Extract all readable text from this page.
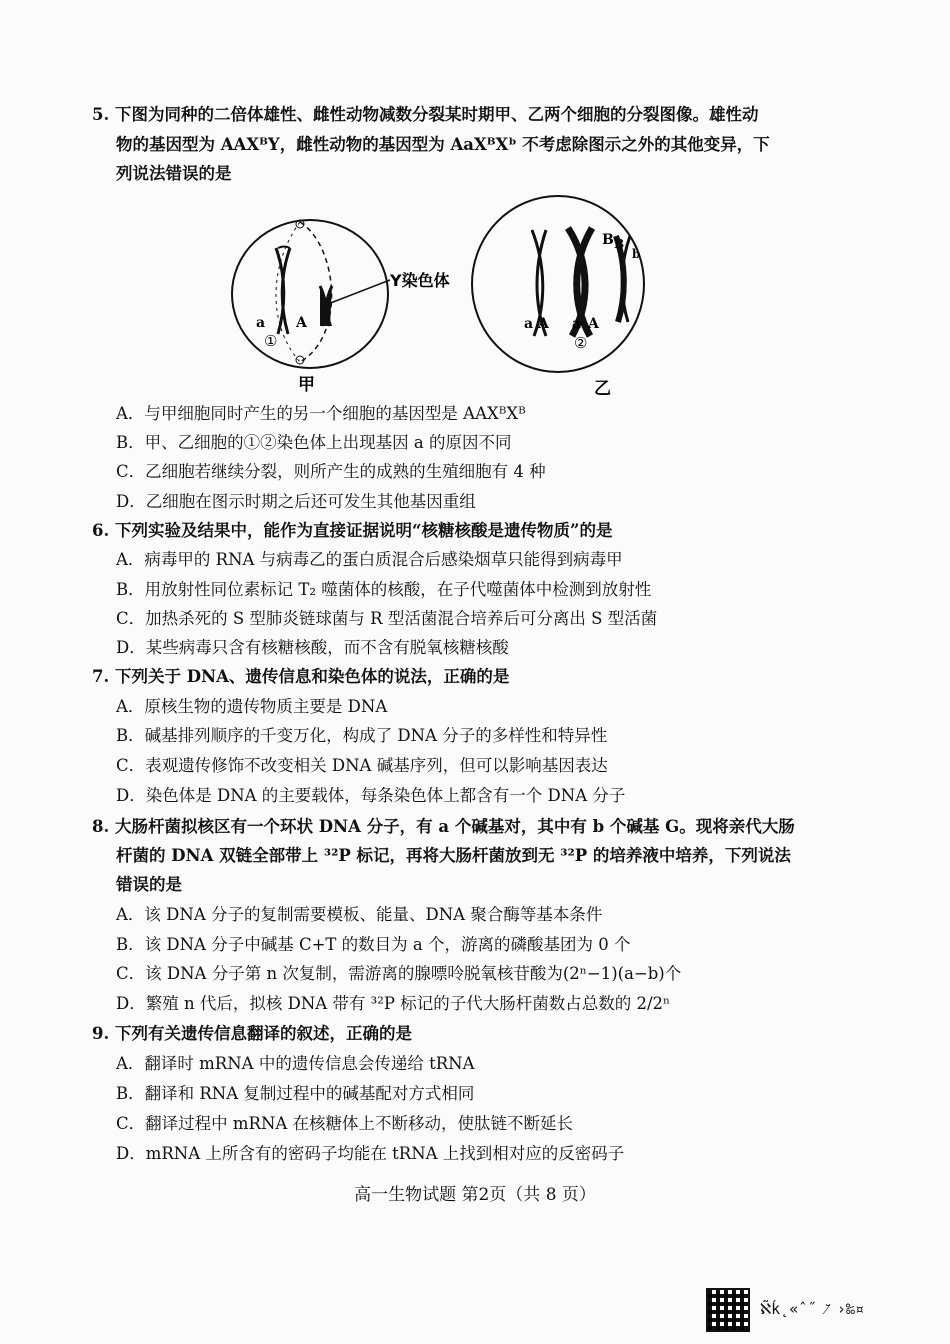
5. 下图为同种的二倍体雄性、雌性动物减数分裂某时期甲、乙两个细胞的分裂图像。雄性动
物的基因型为 AAXᴮY，雌性动物的基因型为 AaXᴮXᵇ 不考虑除图示之外的其他变异，下
列说法错误的是
Y染色体
a A
①
甲
a A a A
B B
b
②
乙
A．与甲细胞同时产生的另一个细胞的基因型是 AAXᴮXᴮ
B．甲、乙细胞的①②染色体上出现基因 a 的原因不同
C．乙细胞若继续分裂，则所产生的成熟的生殖细胞有 4 种
D．乙细胞在图示时期之后还可发生其他基因重组
6. 下列实验及结果中，能作为直接证据说明“核糖核酸是遗传物质”的是
A．病毒甲的 RNA 与病毒乙的蛋白质混合后感染烟草只能得到病毒甲
B．用放射性同位素标记 T₂ 噬菌体的核酸，在子代噬菌体中检测到放射性
C．加热杀死的 S 型肺炎链球菌与 R 型活菌混合培养后可分离出 S 型活菌
D．某些病毒只含有核糖核酸，而不含有脱氧核糖核酸
7. 下列关于 DNA、遗传信息和染色体的说法，正确的是
A．原核生物的遗传物质主要是 DNA
B．碱基排列顺序的千变万化，构成了 DNA 分子的多样性和特异性
C．表观遗传修饰不改变相关 DNA 碱基序列，但可以影响基因表达
D．染色体是 DNA 的主要载体，每条染色体上都含有一个 DNA 分子
8. 大肠杆菌拟核区有一个环状 DNA 分子，有 a 个碱基对，其中有 b 个碱基 G。现将亲代大肠
杆菌的 DNA 双链全部带上 ³²P 标记，再将大肠杆菌放到无 ³²P 的培养液中培养，下列说法
错误的是
A．该 DNA 分子的复制需要模板、能量、DNA 聚合酶等基本条件
B．该 DNA 分子中碱基 C+T 的数目为 a 个，游离的磷酸基团为 0 个
C．该 DNA 分子第 n 次复制，需游离的腺嘌呤脱氧核苷酸为(2ⁿ−1)(a−b)个
D．繁殖 n 代后，拟核 DNA 带有 ³²P 标记的子代大肠杆菌数占总数的 2/2ⁿ
9. 下列有关遗传信息翻译的叙述，正确的是
A．翻译时 mRNA 中的遗传信息会传递给 tRNA
B．翻译和 RNA 复制过程中的碱基配对方式相同
C．翻译过程中 mRNA 在核糖体上不断移动，使肽链不断延长
D．mRNA 上所含有的密码子均能在 tRNA 上找到相对应的反密码子
高一生物试题 第2页（共 8 页）
ℵ̃ḱ˛«ˆ˝ ⁄̆ ›‰¤
